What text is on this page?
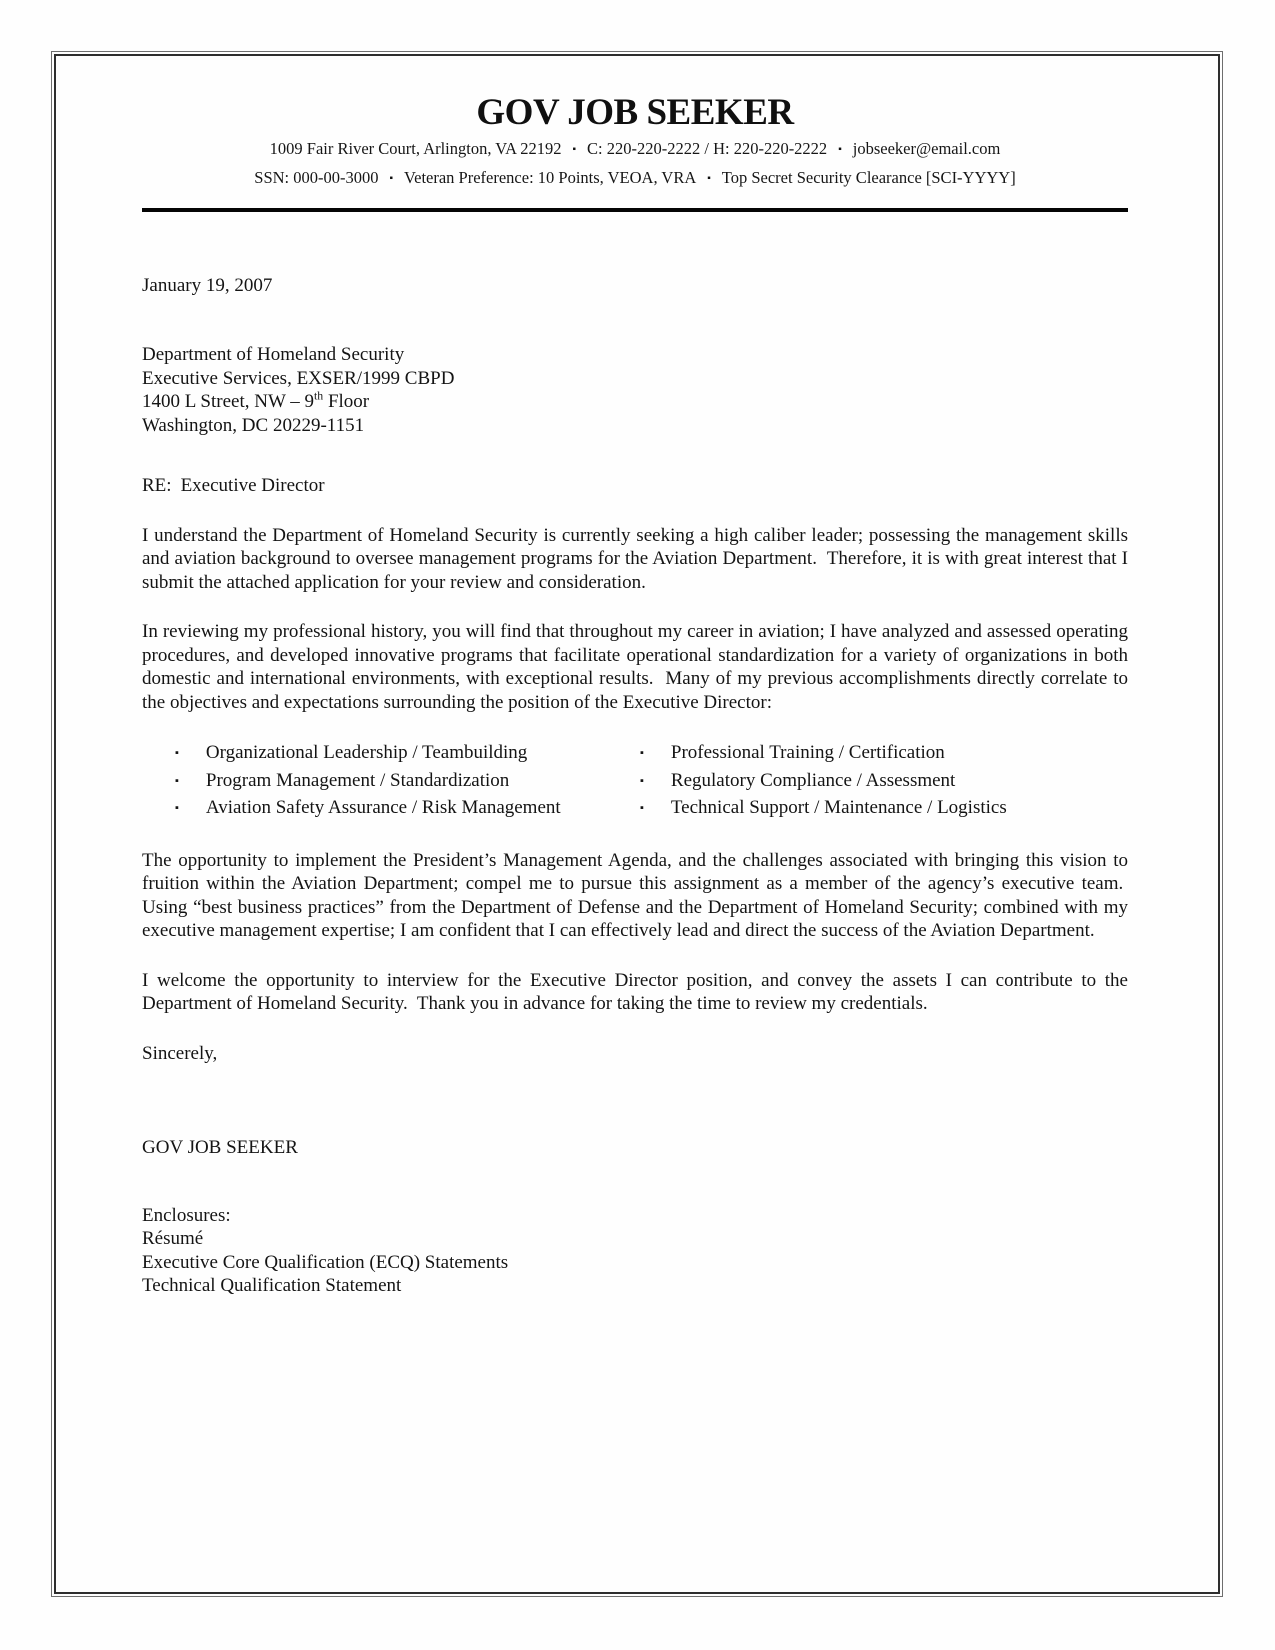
GOV JOB SEEKER
1009 Fair River Court, Arlington, VA 22192 ▪ C: 220-220-2222 / H: 220-220-2222 ▪ jobseeker@email.com
SSN: 000-00-3000 ▪ Veteran Preference: 10 Points, VEOA, VRA ▪ Top Secret Security Clearance [SCI-YYYY]
January 19, 2007
Department of Homeland Security
Executive Services, EXSER/1999 CBPD
1400 L Street, NW – 9th Floor
Washington, DC 20229-1151
RE: Executive Director
I understand the Department of Homeland Security is currently seeking a high caliber leader; possessing the management skills and aviation background to oversee management programs for the Aviation Department.  Therefore, it is with great interest that I submit the attached application for your review and consideration.
In reviewing my professional history, you will find that throughout my career in aviation; I have analyzed and assessed operating procedures, and developed innovative programs that facilitate operational standardization for a variety of organizations in both domestic and international environments, with exceptional results.  Many of my previous accomplishments directly correlate to the objectives and expectations surrounding the position of the Executive Director:
▪ Organizational Leadership / Teambuilding	▪ Professional Training / Certification
▪ Program Management / Standardization	▪ Regulatory Compliance / Assessment
▪ Aviation Safety Assurance / Risk Management	▪ Technical Support / Maintenance / Logistics
The opportunity to implement the President’s Management Agenda, and the challenges associated with bringing this vision to fruition within the Aviation Department; compel me to pursue this assignment as a member of the agency’s executive team.  Using “best business practices” from the Department of Defense and the Department of Homeland Security; combined with my executive management expertise; I am confident that I can effectively lead and direct the success of the Aviation Department.
I welcome the opportunity to interview for the Executive Director position, and convey the assets I can contribute to the Department of Homeland Security.  Thank you in advance for taking the time to review my credentials.
Sincerely,
GOV JOB SEEKER
Enclosures:
Résumé
Executive Core Qualification (ECQ) Statements
Technical Qualification Statement
